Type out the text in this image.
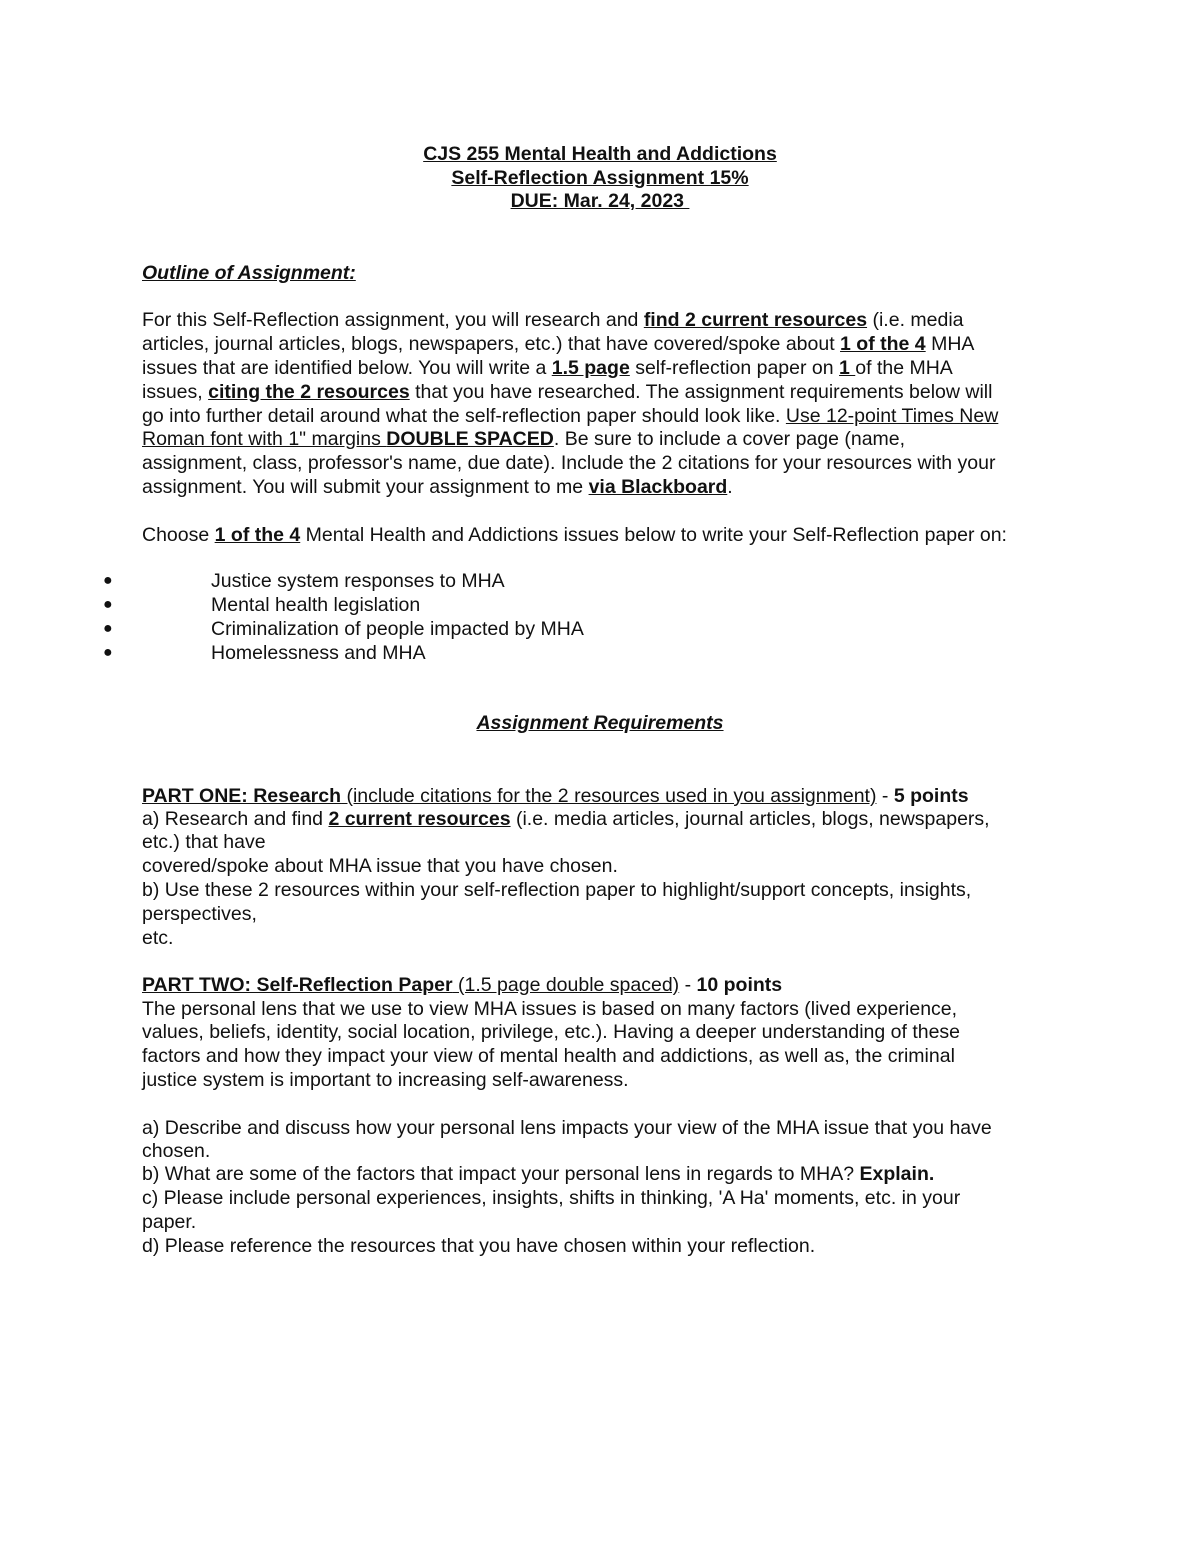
CJS 255 Mental Health and Addictions
Self-Reflection Assignment 15%
DUE: Mar. 24, 2023
Outline of Assignment:
For this Self-Reflection assignment, you will research and find 2 current resources (i.e. media
articles, journal articles, blogs, newspapers, etc.) that have covered/spoke about 1 of the 4 MHA
issues that are identified below. You will write a 1.5 page self-reflection paper on 1 of the MHA
issues, citing the 2 resources that you have researched. The assignment requirements below will
go into further detail around what the self-reflection paper should look like. Use 12-point Times New
Roman font with 1" margins DOUBLE SPACED. Be sure to include a cover page (name,
assignment, class, professor's name, due date). Include the 2 citations for your resources with your
assignment. You will submit your assignment to me via Blackboard.
Choose 1 of the 4 Mental Health and Addictions issues below to write your Self-Reflection paper on:
●	Justice system responses to MHA
●	Mental health legislation
●	Criminalization of people impacted by MHA
●	Homelessness and MHA
Assignment Requirements
PART ONE: Research (include citations for the 2 resources used in you assignment) - 5 points
a) Research and find 2 current resources (i.e. media articles, journal articles, blogs, newspapers,
etc.) that have
covered/spoke about MHA issue that you have chosen.
b) Use these 2 resources within your self-reflection paper to highlight/support concepts, insights,
perspectives,
etc.
PART TWO: Self-Reflection Paper (1.5 page double spaced) - 10 points
The personal lens that we use to view MHA issues is based on many factors (lived experience,
values, beliefs, identity, social location, privilege, etc.). Having a deeper understanding of these
factors and how they impact your view of mental health and addictions, as well as, the criminal
justice system is important to increasing self-awareness.
a) Describe and discuss how your personal lens impacts your view of the MHA issue that you have
chosen.
b) What are some of the factors that impact your personal lens in regards to MHA? Explain.
c) Please include personal experiences, insights, shifts in thinking, 'A Ha' moments, etc. in your
paper.
d) Please reference the resources that you have chosen within your reflection.
